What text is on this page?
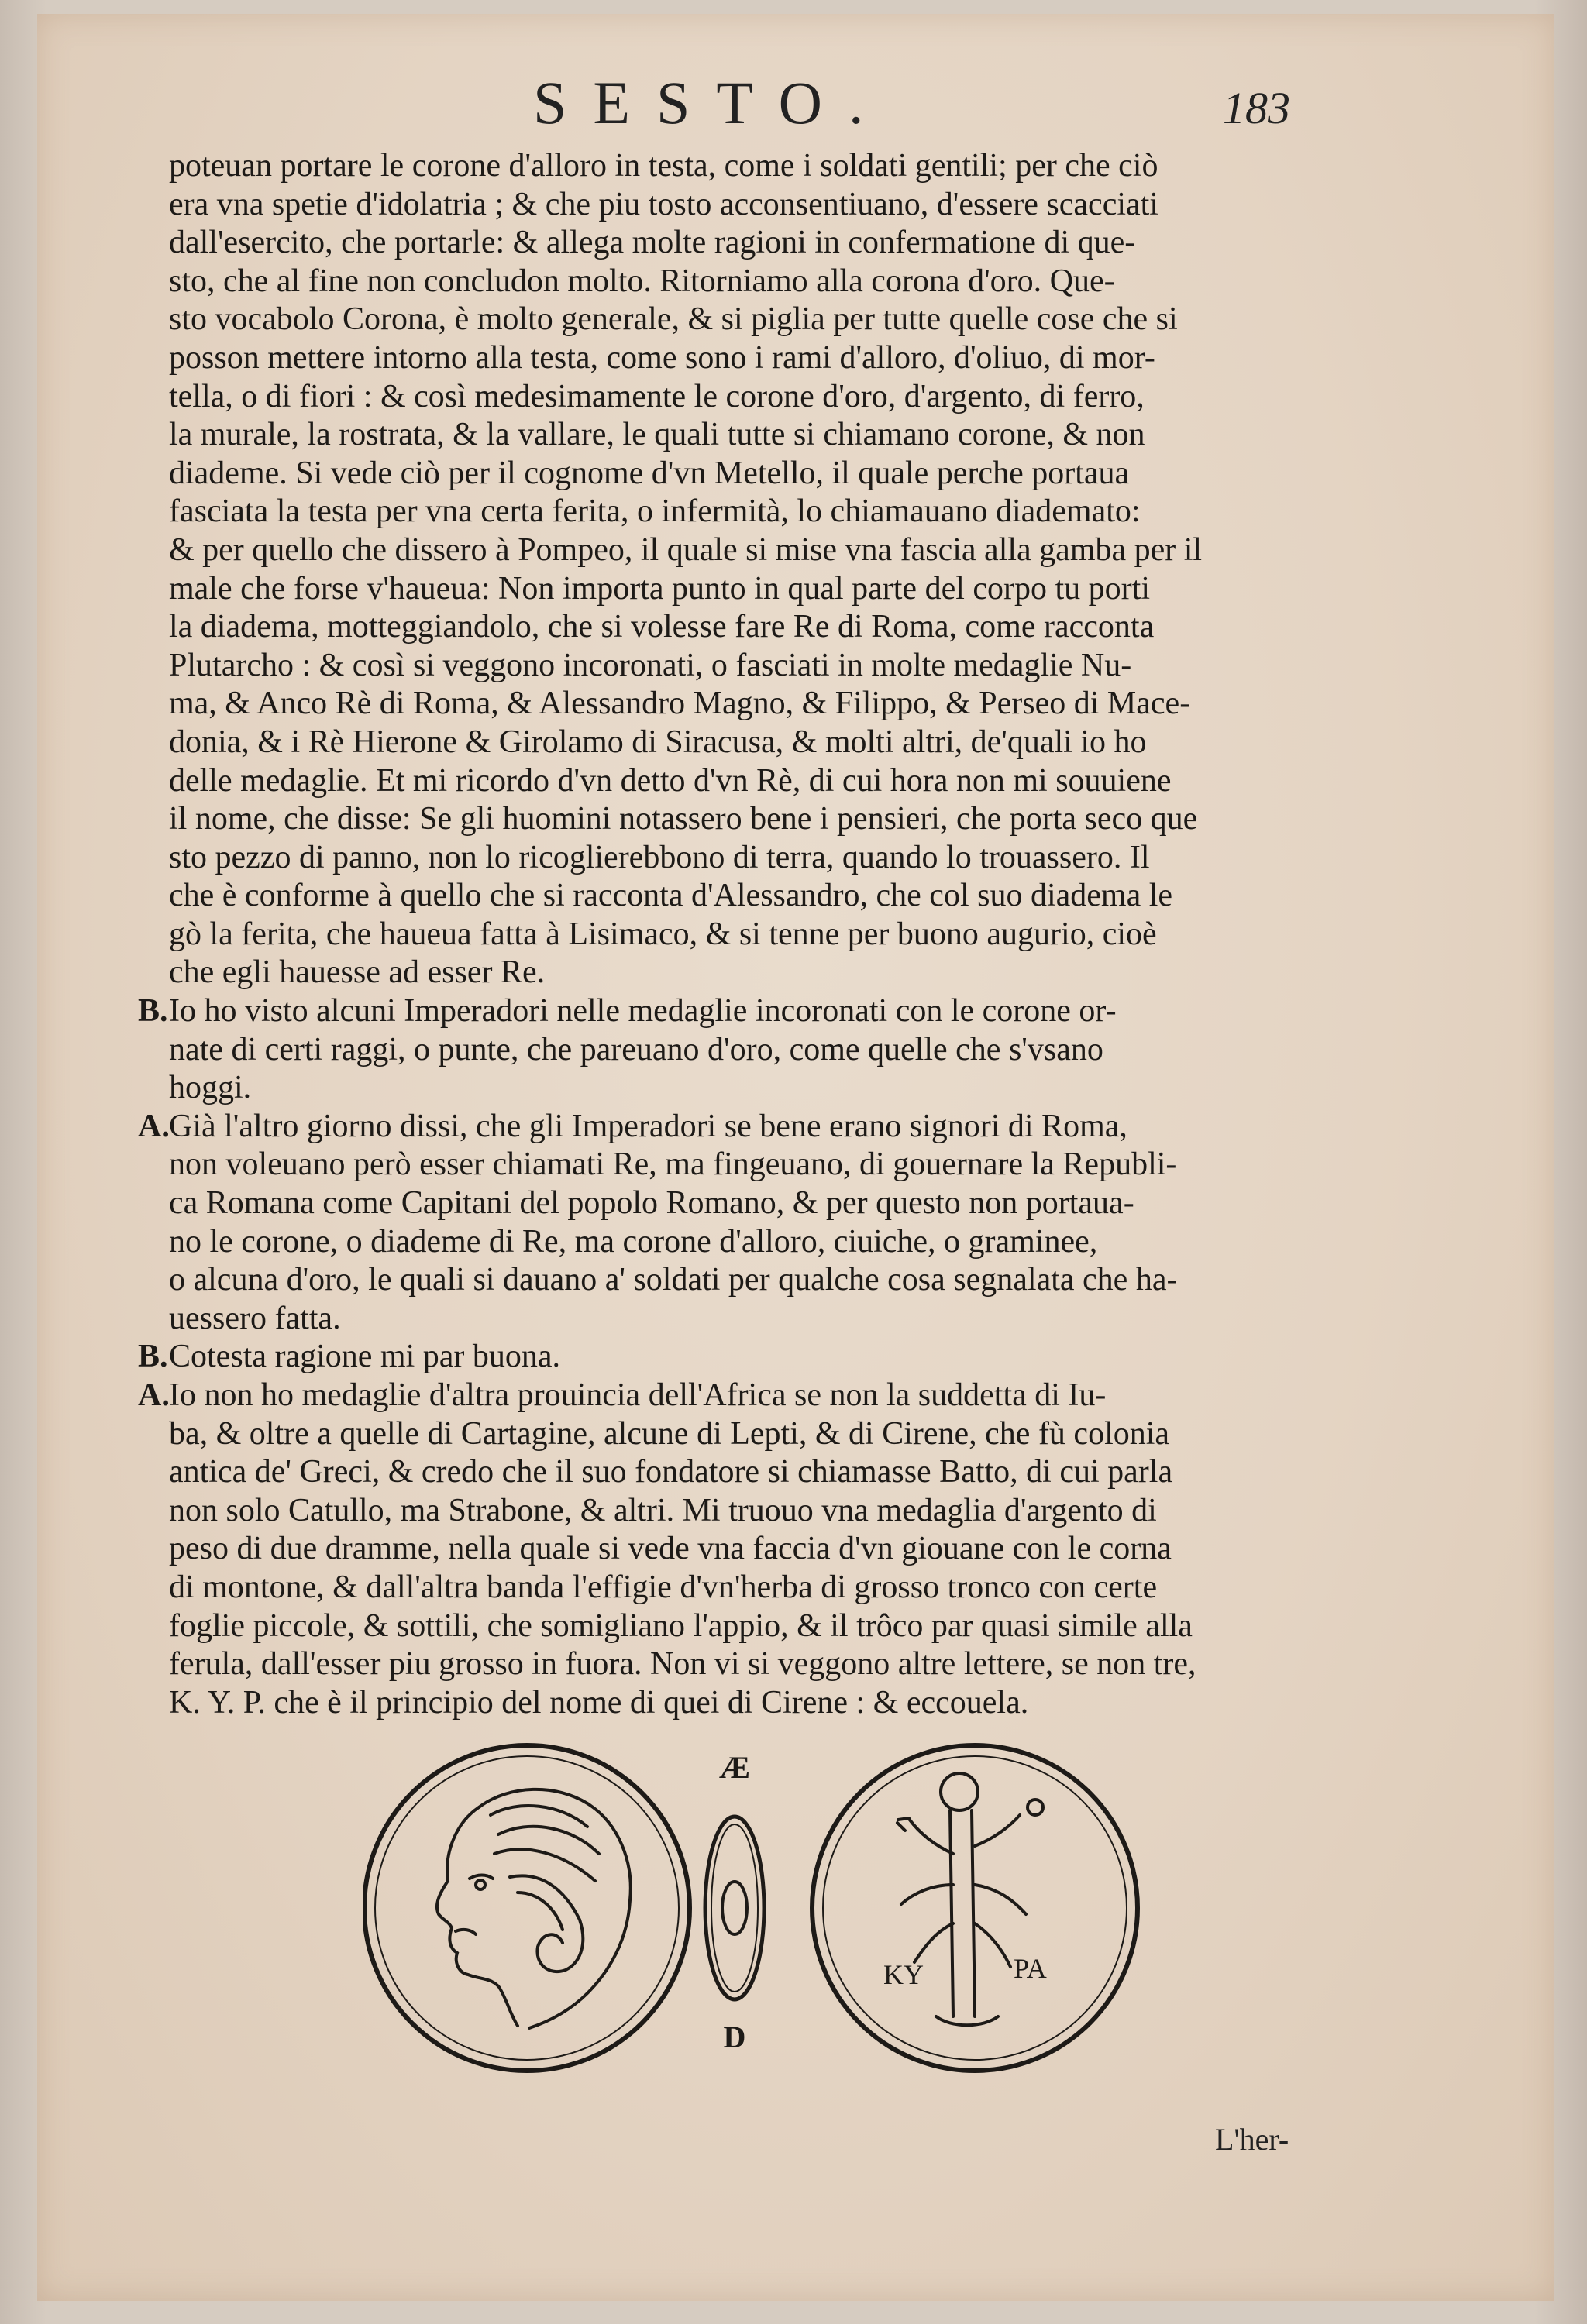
SESTO.	183
poteuan portare le corone d'alloro in testa, come i soldati gentili; per che ciò
era vna spetie d'idolatria ; & che piu tosto acconsentiuano, d'essere scacciati
dall'esercito, che portarle: & allega molte ragioni in confermatione di que-
sto, che al fine non concludon molto. Ritorniamo alla corona d'oro. Que-
sto vocabolo Corona, è molto generale, & si piglia per tutte quelle cose che si
posson mettere intorno alla testa, come sono i rami d'alloro, d'oliuo, di mor-
tella, o di fiori : & così medesimamente le corone d'oro, d'argento, di ferro,
la murale, la rostrata, & la vallare, le quali tutte si chiamano corone, & non
diademe. Si vede ciò per il cognome d'vn Metello, il quale perche portaua
fasciata la testa per vna certa ferita, o infermità, lo chiamauano diademato:
& per quello che dissero à Pompeo, il quale si mise vna fascia alla gamba per il
male che forse v'haueua: Non importa punto in qual parte del corpo tu porti
la diadema, motteggiandolo, che si volesse fare Re di Roma, come racconta
Plutarcho : & così si veggono incoronati, o fasciati in molte medaglie Nu-
ma, & Anco Rè di Roma, & Alessandro Magno, & Filippo, & Perseo di Mace-
donia, & i Rè Hierone & Girolamo di Siracusa, & molti altri, de'quali io ho
delle medaglie. Et mi ricordo d'vn detto d'vn Rè, di cui hora non mi souuiene
il nome, che disse: Se gli huomini notassero bene i pensieri, che porta seco que
sto pezzo di panno, non lo ricoglierebbono di terra, quando lo trouassero. Il
che è conforme à quello che si racconta d'Alessandro, che col suo diadema le
gò la ferita, che haueua fatta à Lisimaco, & si tenne per buono augurio, cioè
che egli hauesse ad esser Re.
B. Io ho visto alcuni Imperadori nelle medaglie incoronati con le corone or-
nate di certi raggi, o punte, che pareuano d'oro, come quelle che s'vsano
hoggi.
A. Già l'altro giorno dissi, che gli Imperadori se bene erano signori di Roma,
non voleuano però esser chiamati Re, ma fingeuano, di gouernare la Republi-
ca Romana come Capitani del popolo Romano, & per questo non portaua-
no le corone, o diademe di Re, ma corone d'alloro, ciuiche, o graminee,
o alcuna d'oro, le quali si dauano a' soldati per qualche cosa segnalata che ha-
uessero fatta.
B. Cotesta ragione mi par buona.
A. Io non ho medaglie d'altra prouincia dell'Africa se non la suddetta di Iu-
ba, & oltre a quelle di Cartagine, alcune di Lepti, & di Cirene, che fù colonia
antica de' Greci, & credo che il suo fondatore si chiamasse Batto, di cui parla
non solo Catullo, ma Strabone, & altri. Mi truouo vna medaglia d'argento di
peso di due dramme, nella quale si vede vna faccia d'vn giouane con le corna
di montone, & dall'altra banda l'effigie d'vn'herba di grosso tronco con certe
foglie piccole, & sottili, che somigliano l'appio, & il trôco par quasi simile alla
ferula, dall'esser piu grosso in fuora. Non vi si veggono altre lettere, se non tre,
K. Y. P. che è il principio del nome di quei di Cirene : & eccouela.
Æ
D
KY	PA
L'her-
